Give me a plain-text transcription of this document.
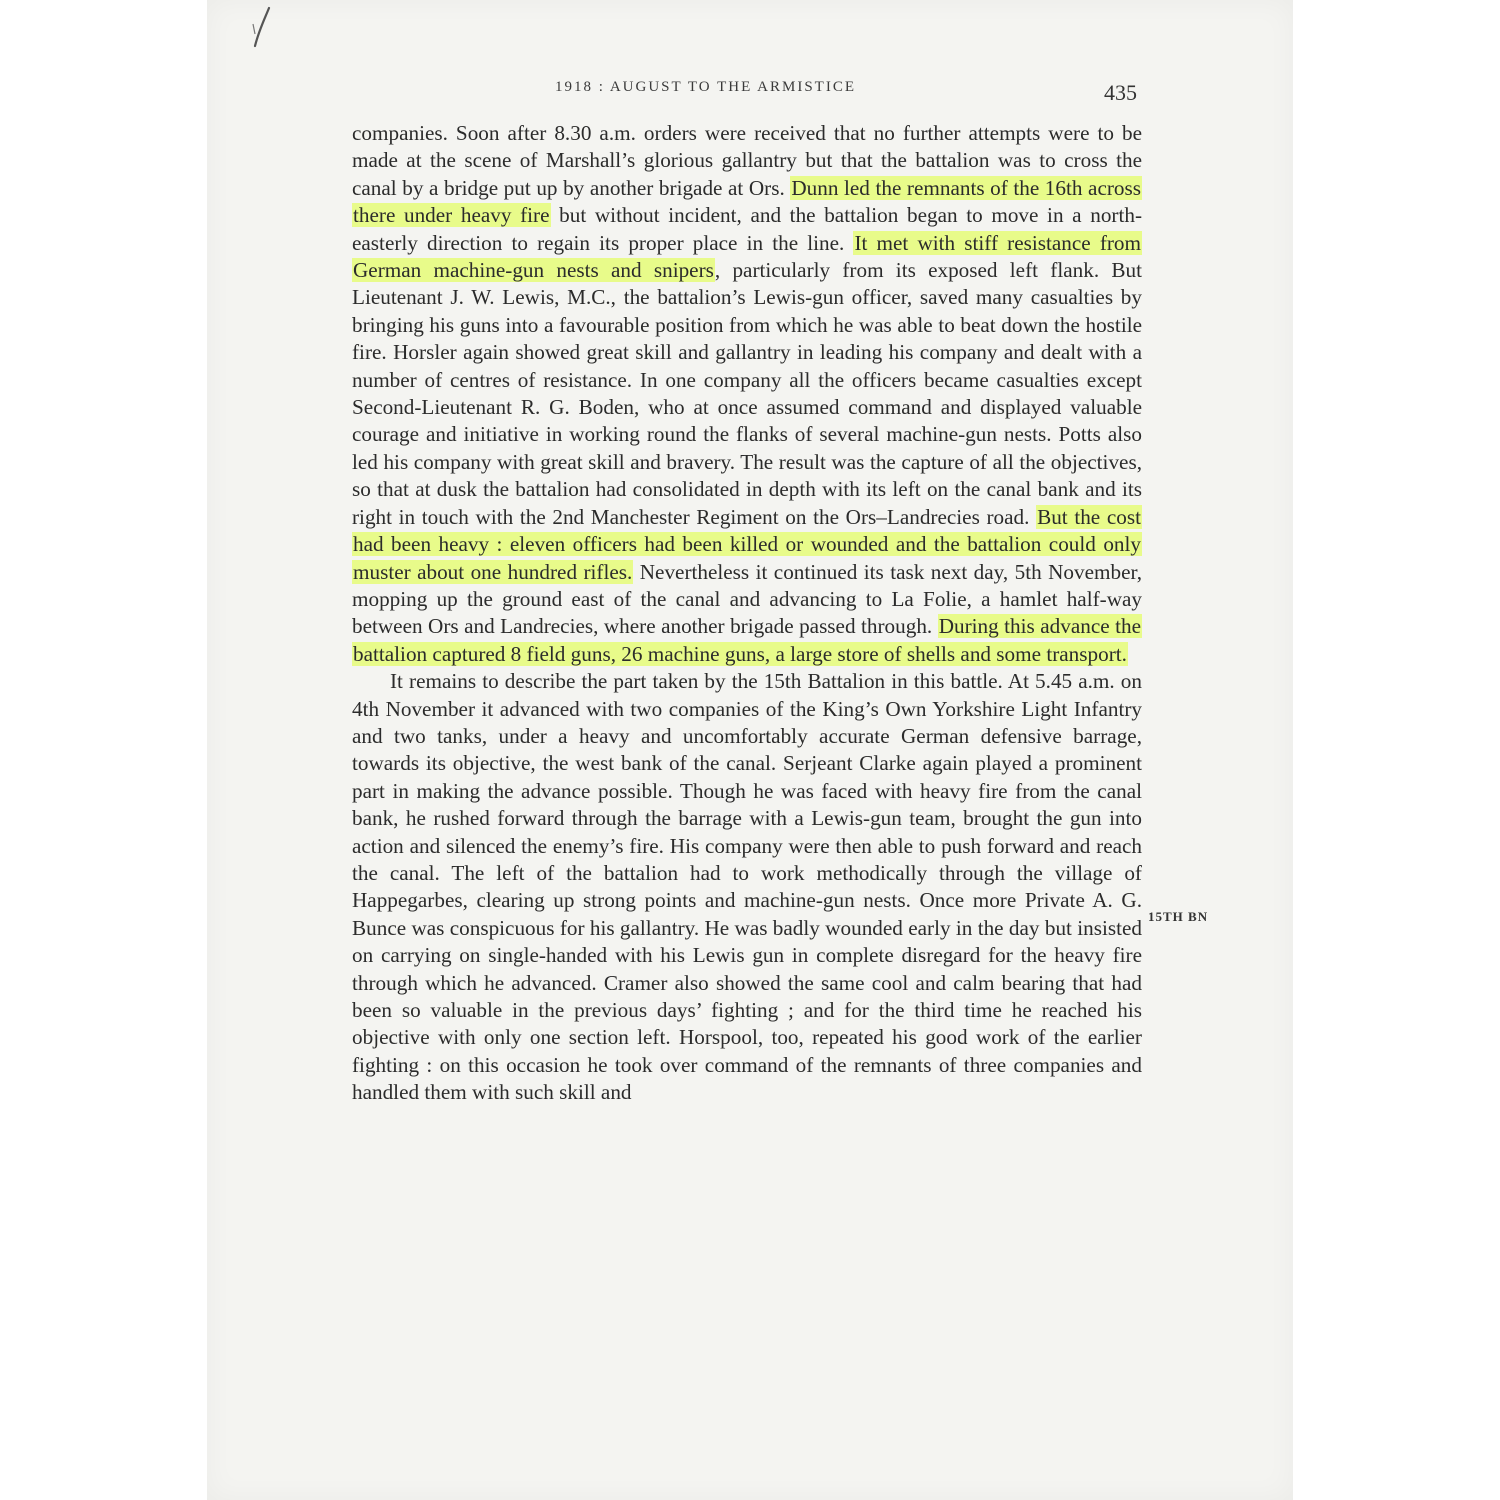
1918 : AUGUST TO THE ARMISTICE	435

companies. Soon after 8.30 a.m. orders were received that no further attempts were to be made at the scene of Marshall’s glorious gallantry but that the battalion was to cross the canal by a bridge put up by another brigade at Ors. Dunn led the remnants of the 16th across there under heavy fire but without incident, and the battalion began to move in a north-easterly direction to regain its proper place in the line. It met with stiff resistance from German machine-gun nests and snipers, particularly from its exposed left flank. But Lieutenant J. W. Lewis, M.C., the battalion’s Lewis-gun officer, saved many casualties by bringing his guns into a favourable position from which he was able to beat down the hostile fire. Horsler again showed great skill and gallantry in leading his company and dealt with a number of centres of resistance. In one company all the officers became casualties except Second-Lieutenant R. G. Boden, who at once assumed command and displayed valuable courage and initiative in working round the flanks of several machine-gun nests. Potts also led his company with great skill and bravery. The result was the capture of all the objectives, so that at dusk the battalion had consolidated in depth with its left on the canal bank and its right in touch with the 2nd Manchester Regiment on the Ors–Landrecies road. But the cost had been heavy : eleven officers had been killed or wounded and the battalion could only muster about one hundred rifles. Nevertheless it continued its task next day, 5th November, mopping up the ground east of the canal and advancing to La Folie, a hamlet half-way between Ors and Landrecies, where another brigade passed through. During this advance the battalion captured 8 field guns, 26 machine guns, a large store of shells and some transport.

It remains to describe the part taken by the 15th Battalion in this battle. At 5.45 a.m. on 4th November it advanced with two companies of the King’s Own Yorkshire Light Infantry and two tanks, under a heavy and uncomfortably accurate German defensive barrage, towards its objective, the west bank of the canal. Serjeant Clarke again played a prominent part in making the advance possible. Though he was faced with heavy fire from the canal bank, he rushed forward through the barrage with a Lewis-gun team, brought the gun into action and silenced the enemy’s fire. His company were then able to push forward and reach the canal. The left of the battalion had to work methodically through the village of Happegarbes, clearing up strong points and machine-gun nests. Once more Private A. G. Bunce was conspicuous for his gallantry. He was badly wounded early in the day but insisted on carrying on single-handed with his Lewis gun in complete disregard for the heavy fire through which he advanced. Cramer also showed the same cool and calm bearing that had been so valuable in the previous days’ fighting ; and for the third time he reached his objective with only one section left. Horspool, too, repeated his good work of the earlier fighting : on this occasion he took over command of the remnants of three companies and handled them with such skill and

15TH BN
